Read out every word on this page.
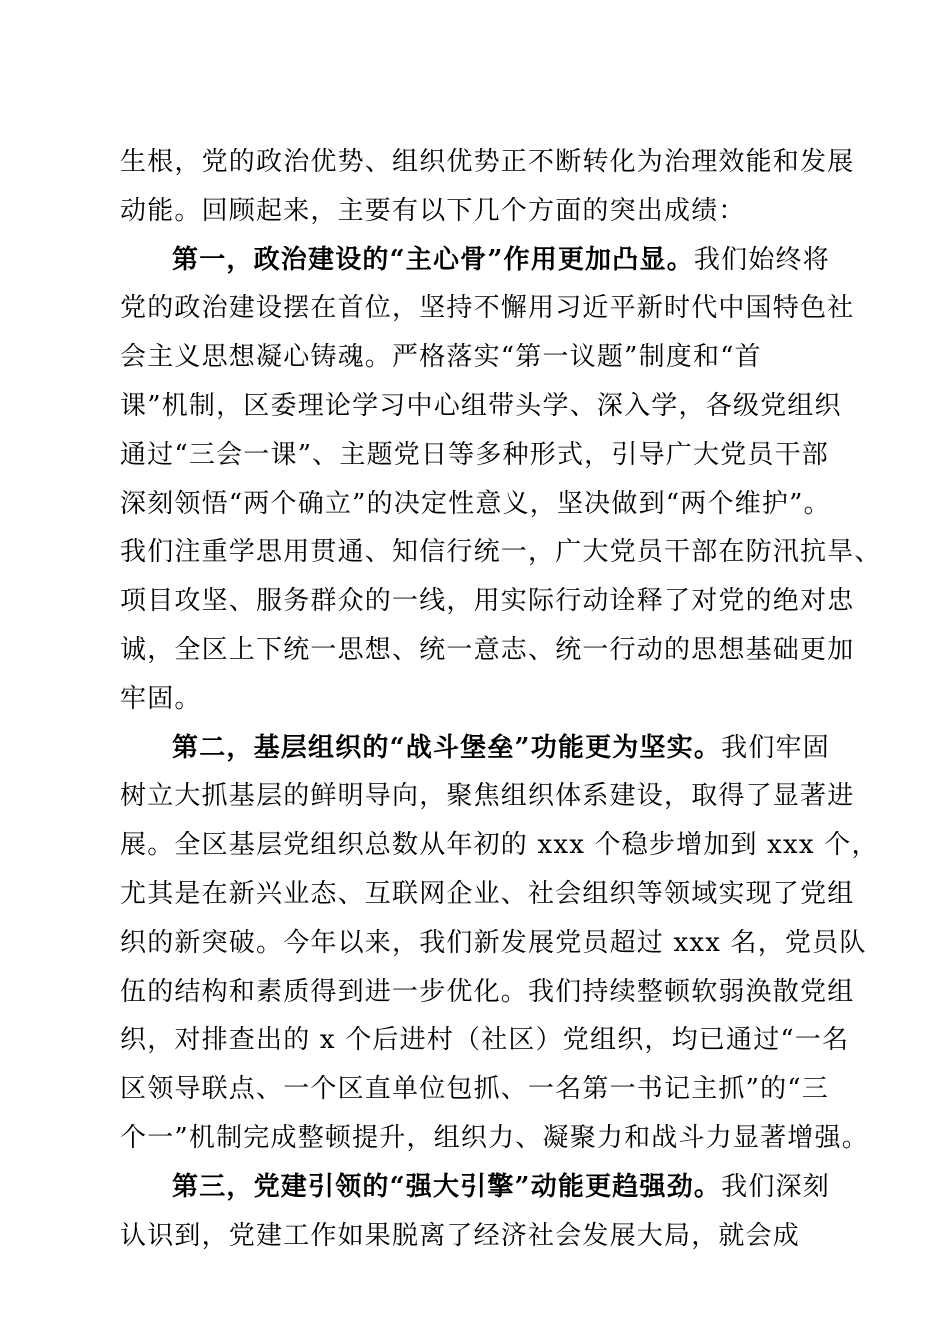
生根，党的政治优势、组织优势正不断转化为治理效能和发展
动能。回顾起来，主要有以下几个方面的突出成绩：
第一，政治建设的“主心骨”作用更加凸显。我们始终将
党的政治建设摆在首位，坚持不懈用习近平新时代中国特色社
会主义思想凝心铸魂。严格落实“第一议题”制度和“首
课”机制，区委理论学习中心组带头学、深入学，各级党组织
通过“三会一课”、主题党日等多种形式，引导广大党员干部
深刻领悟“两个确立”的决定性意义，坚决做到“两个维护”。
我们注重学思用贯通、知信行统一，广大党员干部在防汛抗旱、
项目攻坚、服务群众的一线，用实际行动诠释了对党的绝对忠
诚，全区上下统一思想、统一意志、统一行动的思想基础更加
牢固。
第二，基层组织的“战斗堡垒”功能更为坚实。我们牢固
树立大抓基层的鲜明导向，聚焦组织体系建设，取得了显著进
展。全区基层党组织总数从年初的 xxx 个稳步增加到 xxx 个，
尤其是在新兴业态、互联网企业、社会组织等领域实现了党组
织的新突破。今年以来，我们新发展党员超过 xxx 名，党员队
伍的结构和素质得到进一步优化。我们持续整顿软弱涣散党组
织，对排查出的 x 个后进村（社区）党组织，均已通过“一名
区领导联点、一个区直单位包抓、一名第一书记主抓”的“三
个一”机制完成整顿提升，组织力、凝聚力和战斗力显著增强。
第三，党建引领的“强大引擎”动能更趋强劲。我们深刻
认识到，党建工作如果脱离了经济社会发展大局，就会成
